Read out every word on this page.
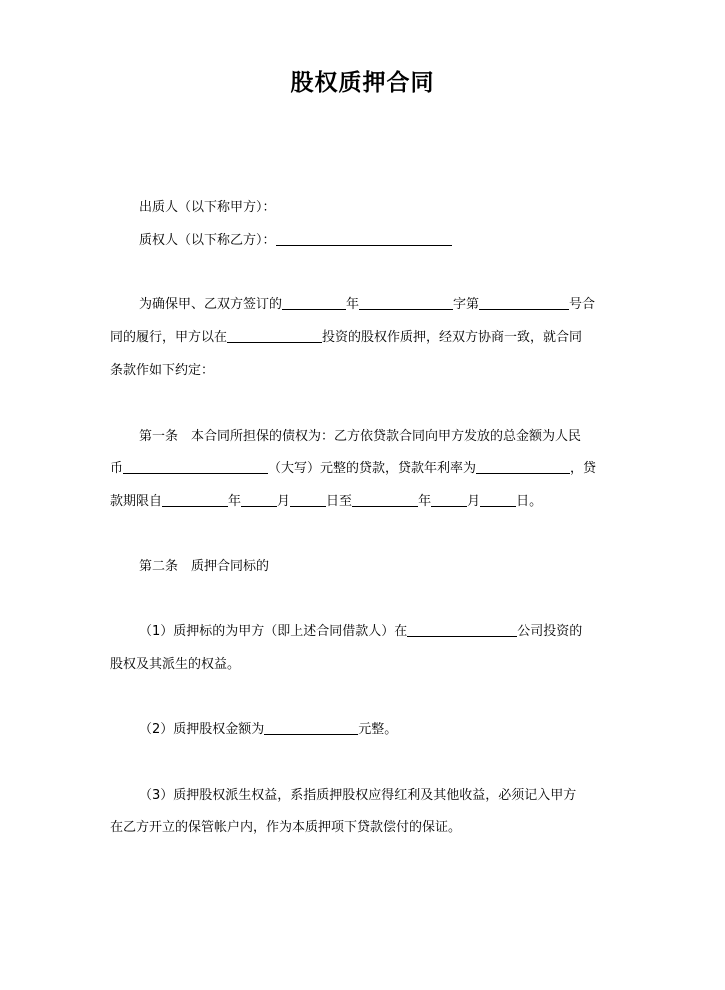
股权质押合同
出质人（以下称甲方）：
质权人（以下称乙方）：
为确保甲、乙双方签订的	年	字第	号合
同的履行，甲方以在	投资的股权作质押，经双方协商一致，就合同
条款作如下约定：
第一条　本合同所担保的债权为：乙方依贷款合同向甲方发放的总金额为人民
币	（大写）元整的贷款，贷款年利率为	，贷
款期限自	年	月	日至	年	月	日。
第二条　质押合同标的
（1）质押标的为甲方（即上述合同借款人）在	公司投资的
股权及其派生的权益。
（2）质押股权金额为	元整。
（3）质押股权派生权益，系指质押股权应得红利及其他收益，必须记入甲方
在乙方开立的保管帐户内，作为本质押项下贷款偿付的保证。
